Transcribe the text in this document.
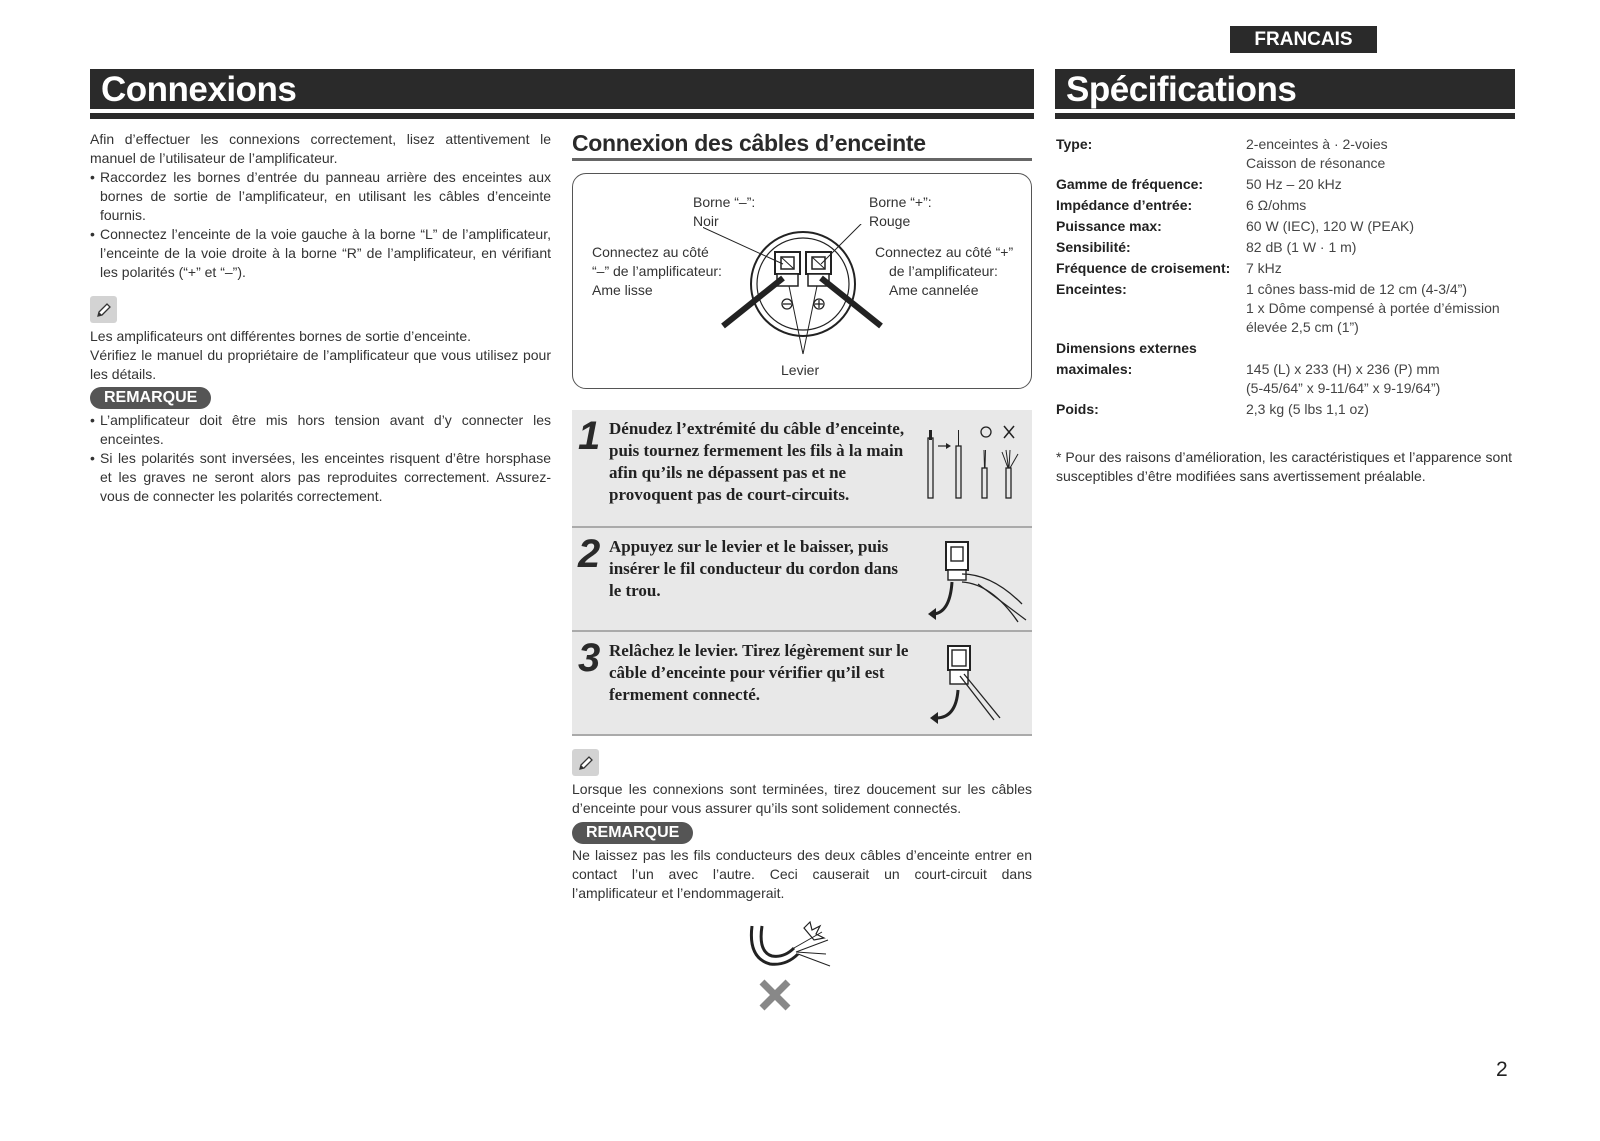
FRANCAIS
Connexions	Spécifications

Afin d’effectuer les connexions correctement, lisez attentivement le manuel de l’utilisateur de l’amplificateur.

• Raccordez les bornes d’entrée du panneau arrière des enceintes aux bornes de sortie de l’amplificateur, en utilisant les câbles d’enceinte fournis.
• Connectez l’enceinte de la voie gauche à la borne “L” de l’amplificateur, l’enceinte de la voie droite à la borne “R” de l’amplificateur, en vérifiant les polarités (“+” et “–”).

Les amplificateurs ont différentes bornes de sortie d’enceinte.

Vérifiez le manuel du propriétaire de l’amplificateur que vous utilisez pour les détails.

REMARQUE
• L’amplificateur doit être mis hors tension avant d’y connecter les enceintes.
• Si les polarités sont inversées, les enceintes risquent d’être horsphase et les graves ne seront alors pas reproduites correctement. Assurez-vous de connecter les polarités correctement.
Connexion des câbles d’enceinte
Borne “–”:
Noir
Borne “+”:
Rouge
Connectez au côté
“–” de l’amplificateur:
Ame lisse
Connectez au côté “+”
de l’amplificateur:
Ame cannelée
Levier
1 Dénudez l’extrémité du câble d’enceinte, puis tournez fermement les fils à la main afin qu’ils ne dépassent pas et ne provoquent pas de court-circuits.
2 Appuyez sur le levier et le baisser, puis insérer le fil conducteur du cordon dans le trou.
3 Relâchez le levier. Tirez légèrement sur le câble d’enceinte pour vérifier qu’il est fermement connecté.

Lorsque les connexions sont terminées, tirez doucement sur les câbles d’enceinte pour vous assurer qu’ils sont solidement connectés.

REMARQUE

Ne laissez pas les fils conducteurs des deux câbles d’enceinte entrer en contact l’un avec l’autre. Ceci causerait un court-circuit dans l’amplificateur et l’endommagerait.

Type:	2-enceintes à · 2-voies
Caisson de résonance
Gamme de fréquence:	50 Hz – 20 kHz
Impédance d’entrée:	6 Ω/ohms
Puissance max:	60 W (IEC), 120 W (PEAK)
Sensibilité:	82 dB (1 W · 1 m)
Fréquence de croisement: 7 kHz
Enceintes:	1 cônes bass-mid de 12 cm (4-3/4”)
1 x Dôme compensé à portée d’émission
élevée 2,5 cm (1”)
Dimensions externes
maximales:	145 (L) x 233 (H) x 236 (P) mm
(5-45/64” x 9-11/64” x 9-19/64”)
Poids:	2,3 kg (5 lbs 1,1 oz)

* Pour des raisons d’amélioration, les caractéristiques et l’apparence sont susceptibles d’être modifiées sans avertissement préalable.

2
